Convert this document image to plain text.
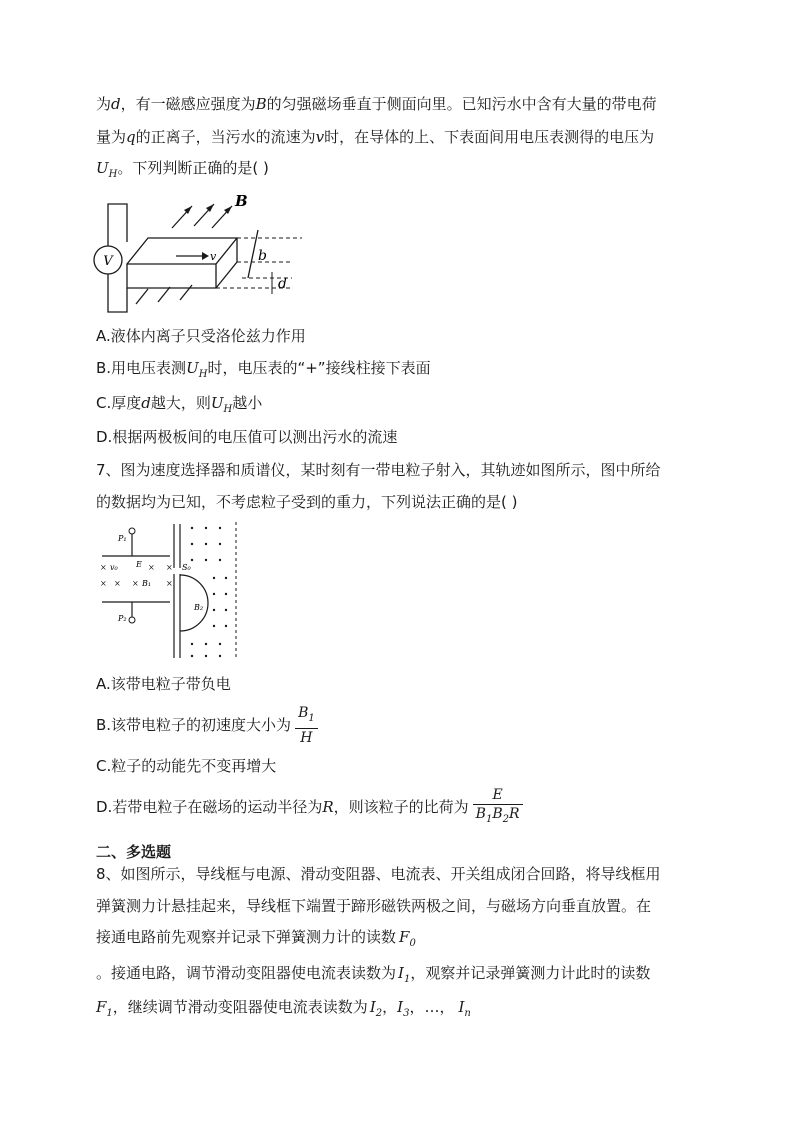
为d，有一磁感应强度为B的匀强磁场垂直于侧面向里。已知污水中含有大量的带电荷
量为q的正离子，当污水的流速为v时，在导体的上、下表面间用电压表测得的电压为
$U_H$。下列判断正确的是( )
V
B
v	b
d
A.液体内离子只受洛伦兹力作用
B.用电压表测$U_H$时，电压表的“+”接线柱接下表面
C.厚度d越大，则$U_H$越小
D.根据两极板间的电压值可以测出污水的流速
7、图为速度选择器和质谱仪，某时刻有一带电粒子射入，其轨迹如图所示，图中所给
的数据均为已知，不考虑粒子受到的重力，下列说法正确的是( )
×	× ×
× × ×	×
P₁
P₂
E
v₀
B₁
S₀
B₂
A.该带电粒子带负电
B.该带电粒子的初速度大小为 $\frac{B_1}{H}$
C.粒子的动能先不变再增大
D.若带电粒子在磁场的运动半径为R，则该粒子的比荷为 $\frac{E}{B_1B_2R}$
二、多选题
8、如图所示，导线框与电源、滑动变阻器、电流表、开关组成闭合回路，将导线框用
弹簧测力计悬挂起来，导线框下端置于蹄形磁铁两极之间，与磁场方向垂直放置。在
接通电路前先观察并记录下弹簧测力计的读数 $F_0$
。接通电路，调节滑动变阻器使电流表读数为 $I_1$，观察并记录弹簧测力计此时的读数
$F_1$，继续调节滑动变阻器使电流表读数为 $I_2$，$I_3$，…， $I_n$
